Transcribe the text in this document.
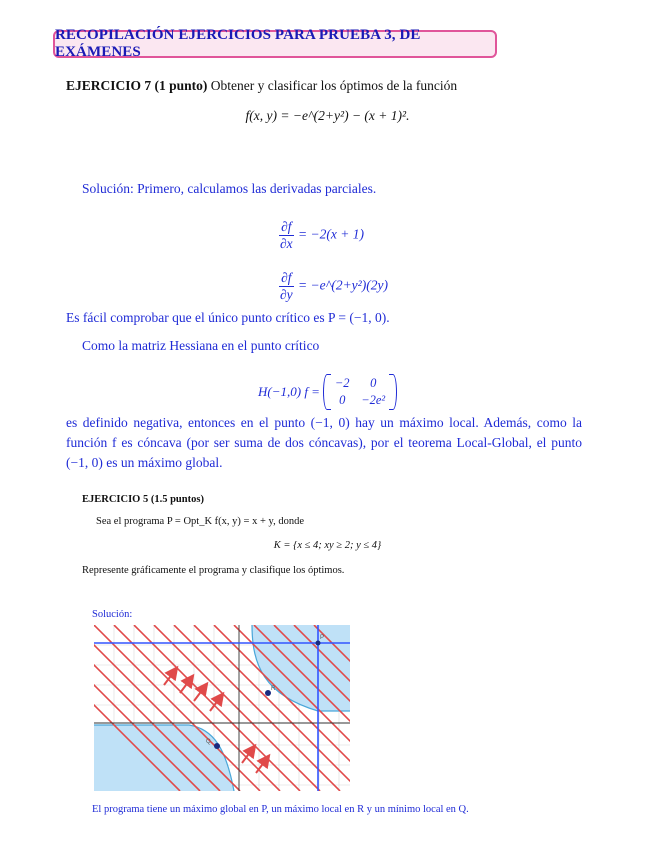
RECOPILACIÓN EJERCICIOS PARA PRUEBA 3, DE EXÁMENES
EJERCICIO 7 (1 punto) Obtener y clasificar los óptimos de la función
f(x, y) = −e^(2+y²) − (x + 1)².
Solución: Primero, calculamos las derivadas parciales.
$\frac{\partial f}{\partial x} = -2(x + 1)$
$\frac{\partial f}{\partial y}$ = −e^(2+y²)(2y)
Es fácil comprobar que el único punto crítico es P = (−1, 0).
Como la matriz Hessiana en el punto crítico
H(−1,0) f =
−2	0
0	−2e²
es definido negativa, entonces en el punto (−1, 0) hay un máximo local. Además, como la función f es cóncava (por ser suma de dos cóncavas), por el teorema Local-Global, el punto (−1, 0) es un máximo global.
EJERCICIO 5 (1.5 puntos)
Sea el programa P = Opt_K f(x, y) = x + y, donde
K = {x ≤ 4; xy ≥ 2; y ≤ 4}
Represente gráficamente el programa y clasifique los óptimos.
Solución:
P
R
Q
El programa tiene un máximo global en P, un máximo local en R y un mínimo local en Q.
